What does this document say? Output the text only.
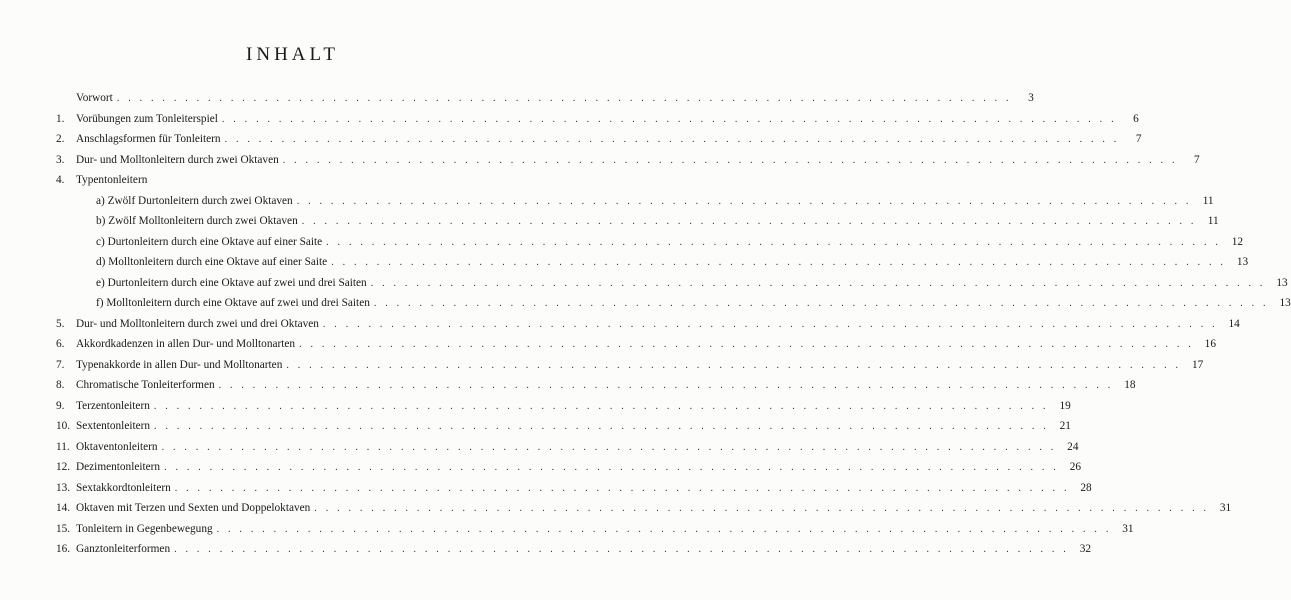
INHALT
Vorwort . . . . . . . . . . . . . . . . . . . . . . . . . . . . . . . . . . . . . . . . . . . . . . . . . . . . . . . . . . . . . . . . . . . . . . . . . . . . . . .	3
1.	Vorübungen zum Tonleiterspiel . . . . . . . . . . . . . . . . . . . . . . . . . . . . . . . . . . . . . . . . . . . . . . . . . . . . . . . . . . . . . . . . . . . . . . . . . . . . . . .	6
2.	Anschlagsformen für Tonleitern . . . . . . . . . . . . . . . . . . . . . . . . . . . . . . . . . . . . . . . . . . . . . . . . . . . . . . . . . . . . . . . . . . . . . . . . . . . . . . .	7
3.	Dur- und Molltonleitern durch zwei Oktaven . . . . . . . . . . . . . . . . . . . . . . . . . . . . . . . . . . . . . . . . . . . . . . . . . . . . . . . . . . . . . . . . . . . . . . . . . . . . . . .	7
4.	Typentonleitern
a) Zwölf Durtonleitern durch zwei Oktaven . . . . . . . . . . . . . . . . . . . . . . . . . . . . . . . . . . . . . . . . . . . . . . . . . . . . . . . . . . . . . . . . . . . . . . . . . . . . . . . 11
b) Zwölf Molltonleitern durch zwei Oktaven . . . . . . . . . . . . . . . . . . . . . . . . . . . . . . . . . . . . . . . . . . . . . . . . . . . . . . . . . . . . . . . . . . . . . . . . . . . . . . . 11
c) Durtonleitern durch eine Oktave auf einer Saite . . . . . . . . . . . . . . . . . . . . . . . . . . . . . . . . . . . . . . . . . . . . . . . . . . . . . . . . . . . . . . . . . . . . . . . . . . . . . . . 12
d) Molltonleitern durch eine Oktave auf einer Saite . . . . . . . . . . . . . . . . . . . . . . . . . . . . . . . . . . . . . . . . . . . . . . . . . . . . . . . . . . . . . . . . . . . . . . . . . . . . . . . 13
e) Durtonleitern durch eine Oktave auf zwei und drei Saiten . . . . . . . . . . . . . . . . . . . . . . . . . . . . . . . . . . . . . . . . . . . . . . . . . . . . . . . . . . . . . . . . . . . . . . . . . . . . . . . 13
f) Molltonleitern durch eine Oktave auf zwei und drei Saiten . . . . . . . . . . . . . . . . . . . . . . . . . . . . . . . . . . . . . . . . . . . . . . . . . . . . . . . . . . . . . . . . . . . . . . . . . . . . . . . 13
5.	Dur- und Molltonleitern durch zwei und drei Oktaven . . . . . . . . . . . . . . . . . . . . . . . . . . . . . . . . . . . . . . . . . . . . . . . . . . . . . . . . . . . . . . . . . . . . . . . . . . . . . . . 14
6.	Akkordkadenzen in allen Dur- und Molltonarten . . . . . . . . . . . . . . . . . . . . . . . . . . . . . . . . . . . . . . . . . . . . . . . . . . . . . . . . . . . . . . . . . . . . . . . . . . . . . . . 16
7.	Typenakkorde in allen Dur- und Molltonarten . . . . . . . . . . . . . . . . . . . . . . . . . . . . . . . . . . . . . . . . . . . . . . . . . . . . . . . . . . . . . . . . . . . . . . . . . . . . . . . 17
8.	Chromatische Tonleiterformen . . . . . . . . . . . . . . . . . . . . . . . . . . . . . . . . . . . . . . . . . . . . . . . . . . . . . . . . . . . . . . . . . . . . . . . . . . . . . . . 18
9.	Terzentonleitern . . . . . . . . . . . . . . . . . . . . . . . . . . . . . . . . . . . . . . . . . . . . . . . . . . . . . . . . . . . . . . . . . . . . . . . . . . . . . . . 19
10. Sextentonleitern . . . . . . . . . . . . . . . . . . . . . . . . . . . . . . . . . . . . . . . . . . . . . . . . . . . . . . . . . . . . . . . . . . . . . . . . . . . . . . . 21
11. Oktaventonleitern . . . . . . . . . . . . . . . . . . . . . . . . . . . . . . . . . . . . . . . . . . . . . . . . . . . . . . . . . . . . . . . . . . . . . . . . . . . . . . . 24
12. Dezimentonleitern . . . . . . . . . . . . . . . . . . . . . . . . . . . . . . . . . . . . . . . . . . . . . . . . . . . . . . . . . . . . . . . . . . . . . . . . . . . . . . . 26
13. Sextakkordtonleitern . . . . . . . . . . . . . . . . . . . . . . . . . . . . . . . . . . . . . . . . . . . . . . . . . . . . . . . . . . . . . . . . . . . . . . . . . . . . . . . 28
14. Oktaven mit Terzen und Sexten und Doppeloktaven . . . . . . . . . . . . . . . . . . . . . . . . . . . . . . . . . . . . . . . . . . . . . . . . . . . . . . . . . . . . . . . . . . . . . . . . . . . . . . . 31
15. Tonleitern in Gegenbewegung . . . . . . . . . . . . . . . . . . . . . . . . . . . . . . . . . . . . . . . . . . . . . . . . . . . . . . . . . . . . . . . . . . . . . . . . . . . . . . . 31
16. Ganztonleiterformen . . . . . . . . . . . . . . . . . . . . . . . . . . . . . . . . . . . . . . . . . . . . . . . . . . . . . . . . . . . . . . . . . . . . . . . . . . . . . . . 32
